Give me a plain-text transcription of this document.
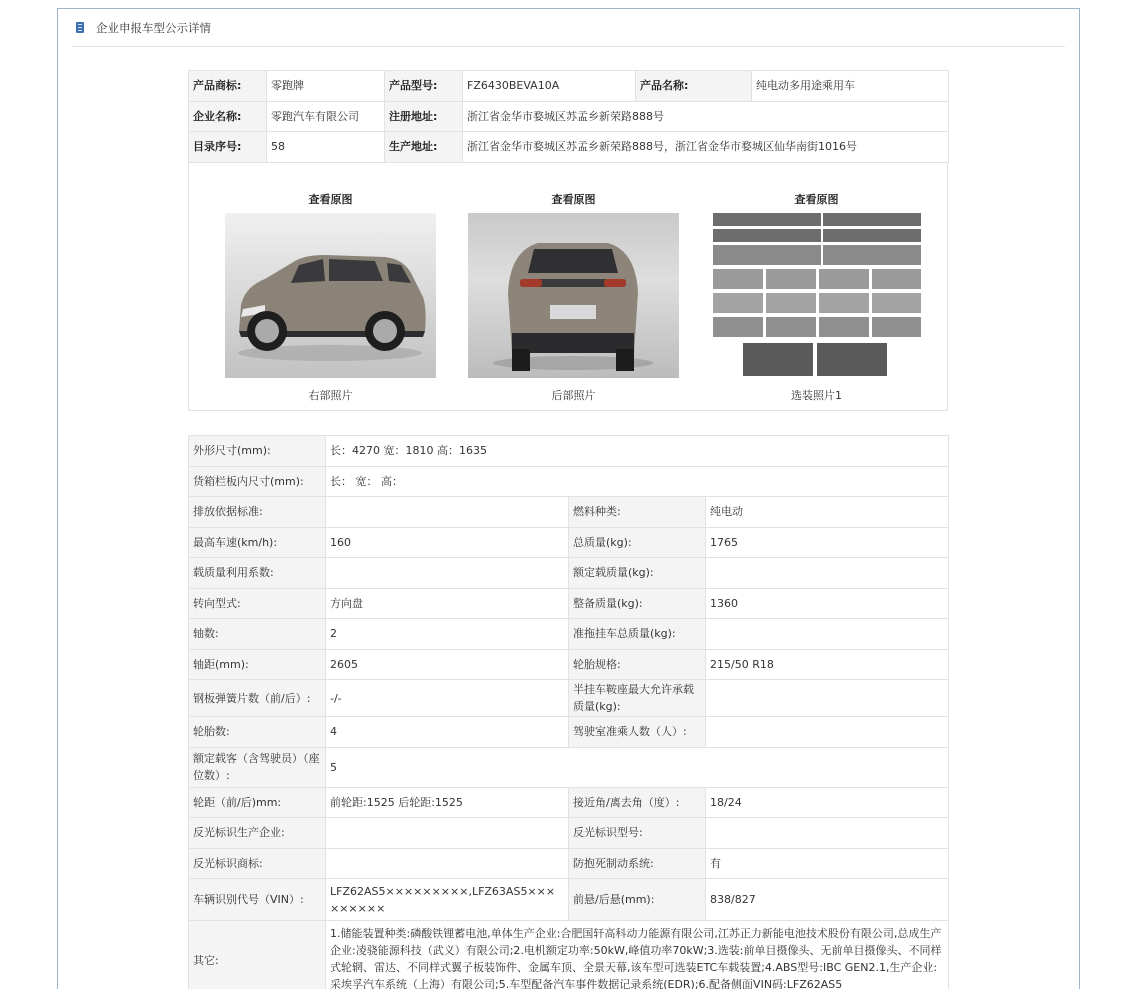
企业申报车型公示详情
产品商标:	零跑牌	产品型号:	FZ6430BEVA10A	产品名称:	纯电动多用途乘用车
企业名称:	零跑汽车有限公司	注册地址:	浙江省金华市婺城区苏孟乡新荣路888号		
目录序号:	58	生产地址:	浙江省金华市婺城区苏孟乡新荣路888号，浙江省金华市婺城区仙华南街1016号		
查看原图
右部照片
查看原图
后部照片
查看原图
选装照片1
外形尺寸(mm):	长：4270 宽：1810 高：1635		
货箱栏板内尺寸(mm):	长： 宽： 高：		
排放依据标准:		燃料种类:	纯电动
最高车速(km/h):	160	总质量(kg):	1765
载质量利用系数:		额定载质量(kg):	
转向型式:	方向盘	整备质量(kg):	1360
轴数:	2	准拖挂车总质量(kg):	
轴距(mm):	2605	轮胎规格:	215/50 R18
钢板弹簧片数（前/后）:	-/-	半挂车鞍座最大允许承载质量(kg):	
轮胎数:	4	驾驶室准乘人数（人）:	
额定载客（含驾驶员）（座位数）:	5		
轮距（前/后)mm:	前轮距:1525 后轮距:1525	接近角/离去角（度）:	18/24
反光标识生产企业:		反光标识型号:	
反光标识商标:		防抱死制动系统:	有
车辆识别代号（VIN）:	LFZ62AS5×××××××××,LFZ63AS5×××××××××	前悬/后悬(mm):	838/827
其它:	1.储能装置种类:磷酸铁锂蓄电池,单体生产企业:合肥国轩高科动力能源有限公司,江苏正力新能电池技术股份有限公司,总成生产企业:凌骁能源科技（武义）有限公司;2.电机额定功率:50kW,峰值功率70kW;3.选装:前单目摄像头、无前单目摄像头、不同样式轮辋、雷达、不同样式翼子板装饰件、金属车顶、全景天幕,该车型可选装ETC车载装置;4.ABS型号:IBC GEN2.1,生产企业:采埃孚汽车系统（上海）有限公司;5.车型配备汽车事件数据记录系统(EDR);6.配备侧面VIN码:LFZ62AS5		
